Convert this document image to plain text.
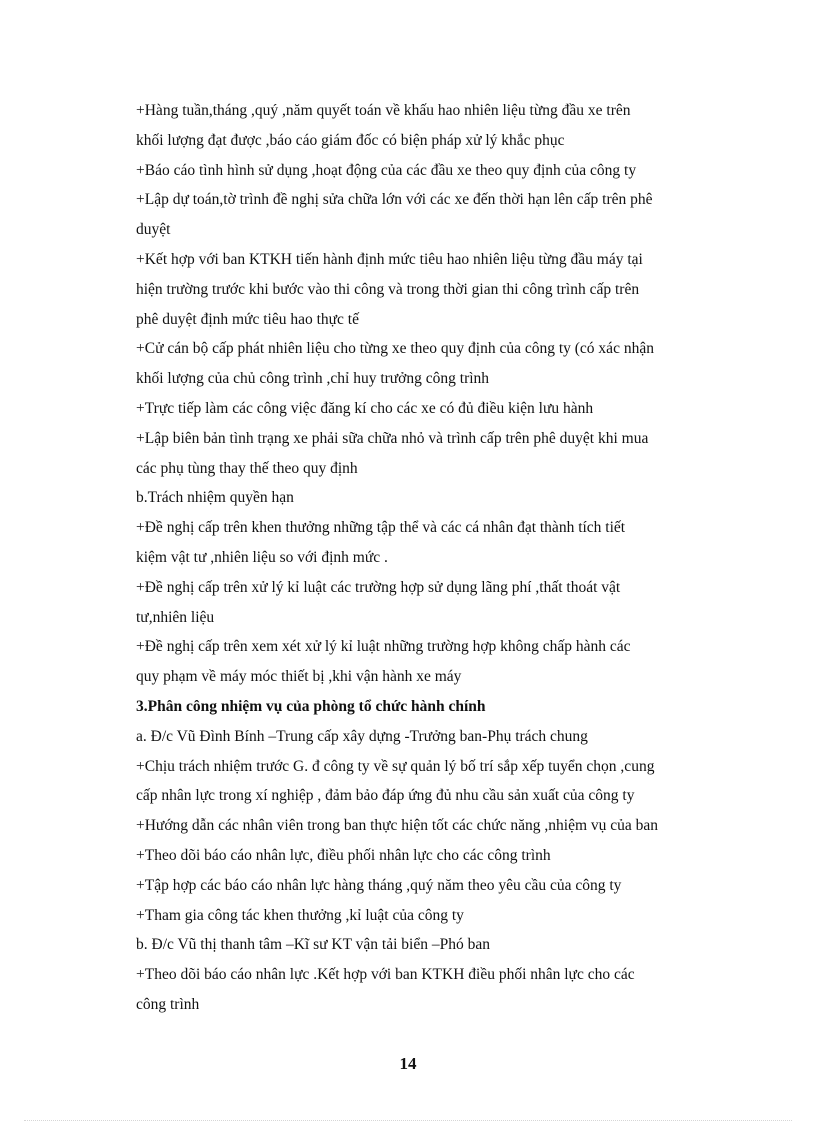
+Hàng tuần,tháng ,quý ,năm quyết toán về khấu hao nhiên liệu từng đầu xe trên
khối lượng đạt được ,báo cáo giám đốc có biện pháp xử lý khắc phục
+Báo cáo tình hình sử dụng ,hoạt động của các đầu xe theo quy định của công ty
+Lập dự toán,tờ trình đề nghị sửa chữa lớn với các xe đến thời hạn lên cấp trên phê
duyệt
+Kết hợp với ban KTKH tiến hành định mức tiêu hao nhiên liệu từng đầu máy tại
hiện trường trước khi bước vào thi công và trong thời gian thi công trình cấp trên
phê duyệt định mức tiêu hao thực tế
+Cử cán bộ cấp phát nhiên liệu cho từng xe theo quy định của công ty (có xác nhận
khối lượng của chủ công trình ,chỉ huy trưởng công trình
+Trực tiếp làm các công việc đăng kí cho các xe có đủ điều kiện lưu hành
+Lập biên bản tình trạng xe phải sữa chữa nhỏ và trình cấp trên phê duyệt khi mua
các phụ tùng thay thế theo quy định
b.Trách nhiệm quyền hạn
+Đề nghị cấp trên khen thưởng những tập thể và các cá nhân đạt thành tích tiết
kiệm vật tư ,nhiên liệu so với định mức .
+Đề nghị cấp trên xử lý kỉ luật các trường hợp sử dụng lãng phí ,thất thoát vật
tư,nhiên liệu
+Đề nghị cấp trên xem xét xử lý kỉ luật những trường hợp không chấp hành các
quy phạm về máy móc thiết bị ,khi vận hành xe máy
3.Phân công nhiệm vụ của phòng tổ chức hành chính
a. Đ/c Vũ Đình Bính –Trung cấp xây dựng -Trưởng ban-Phụ trách chung
+Chịu trách nhiệm trước G. đ công ty về sự quản lý bố trí sắp xếp tuyển chọn ,cung
cấp nhân lực trong xí nghiệp , đảm bảo đáp ứng đủ nhu cầu sản xuất của công ty
+Hướng dẫn các nhân viên trong ban thực hiện tốt các chức năng ,nhiệm vụ của ban
+Theo dõi báo cáo nhân lực, điều phối nhân lực cho các công trình
+Tập hợp các báo cáo nhân lực hàng tháng ,quý năm theo yêu cầu của công ty
+Tham gia công tác khen thưởng ,kỉ luật của công ty
b. Đ/c Vũ thị thanh tâm –Kĩ sư KT vận tải biển –Phó ban
+Theo dõi báo cáo nhân lực .Kết hợp với ban KTKH điều phối nhân lực cho các
công trình
14
